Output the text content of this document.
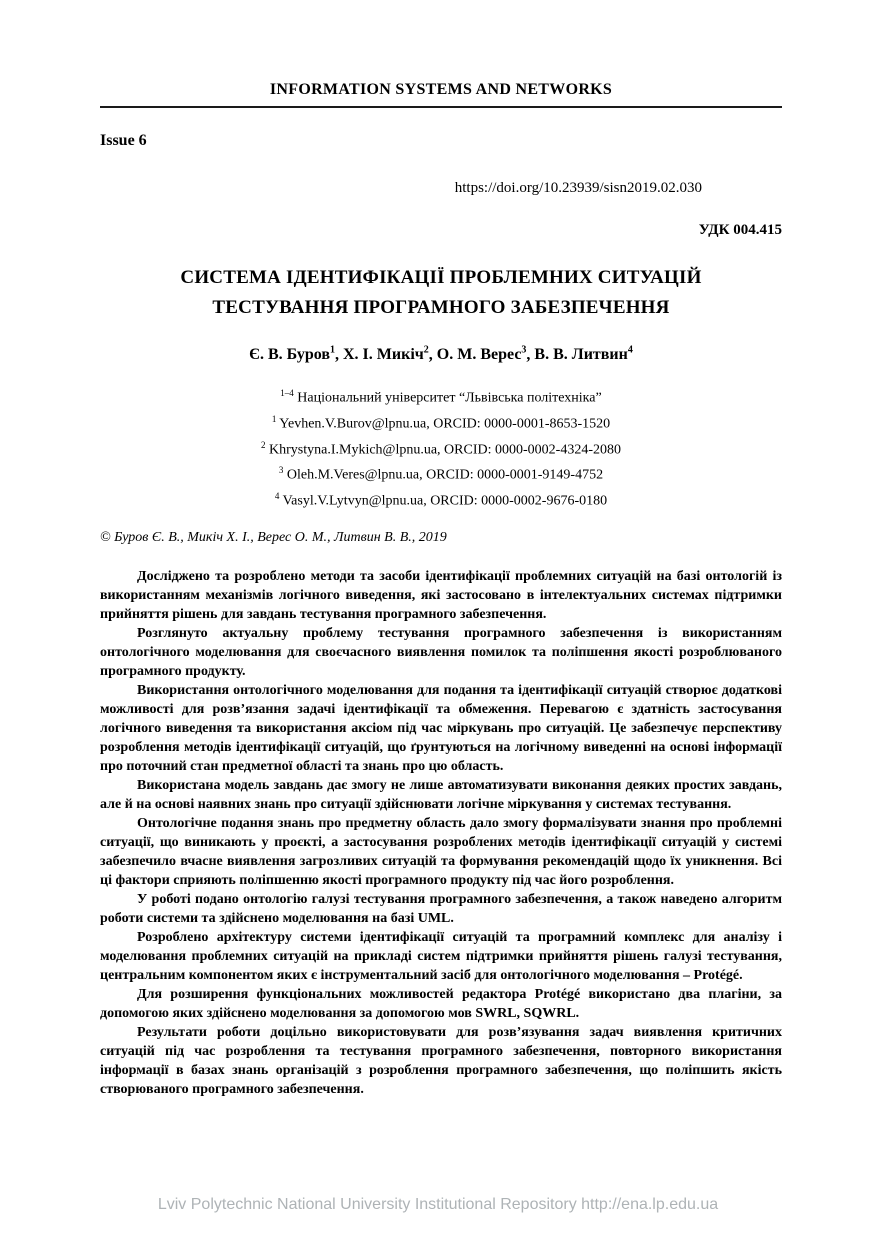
INFORMATION SYSTEMS AND NETWORKS
Issue 6
https://doi.org/10.23939/sisn2019.02.030
УДК 004.415
СИСТЕМА ІДЕНТИФІКАЦІЇ ПРОБЛЕМНИХ СИТУАЦІЙ
ТЕСТУВАННЯ ПРОГРАМНОГО ЗАБЕЗПЕЧЕННЯ
Є. В. Буров$^1$, Х. І. Микіч$^2$, О. М. Верес$^3$, В. В. Литвин$^4$
$^{1-4}$ Національний університет “Львівська політехніка”
$^1$ Yevhen.V.Burov@lpnu.ua, ORCID: 0000-0001-8653-1520
$^2$ Khrystyna.I.Mykich@lpnu.ua, ORCID: 0000-0002-4324-2080
$^3$ Oleh.M.Veres@lpnu.ua, ORCID: 0000-0001-9149-4752
$^4$ Vasyl.V.Lytvyn@lpnu.ua, ORCID: 0000-0002-9676-0180
© Буров Є. В., Микіч Х. І., Верес О. М., Литвин В. В., 2019

Досліджено та розроблено методи та засоби ідентифікації проблемних ситуацій на базі онтологій із використанням механізмів логічного виведення, які застосовано в інтелектуальних системах підтримки прийняття рішень для завдань тестування програмного забезпечення.

Розглянуто актуальну проблему тестування програмного забезпечення із використанням онтологічного моделювання для своєчасного виявлення помилок та поліпшення якості розроблюваного програмного продукту.

Використання онтологічного моделювання для подання та ідентифікації ситуацій створює додаткові можливості для розв’язання задачі ідентифікації та обмеження. Перевагою є здатність застосування логічного виведення та використання аксіом під час міркувань про ситуацій. Це забезпечує перспективу розроблення методів ідентифікації ситуацій, що ґрунтуються на логічному виведенні на основі інформації про поточний стан предметної області та знань про цю область.

Використана модель завдань дає змогу не лише автоматизувати виконання деяких простих завдань, але й на основі наявних знань про ситуації здійснювати логічне міркування у системах тестування.

Онтологічне подання знань про предметну область дало змогу формалізувати знання про проблемні ситуації, що виникають у проєкті, а застосування розроблених методів ідентифікації ситуацій у системі забезпечило вчасне виявлення загрозливих ситуацій та формування рекомендацій щодо їх уникнення. Всі ці фактори сприяють поліпшенню якості програмного продукту під час його розроблення.

У роботі подано онтологію галузі тестування програмного забезпечення, а також наведено алгоритм роботи системи та здійснено моделювання на базі UML.

Розроблено архітектуру системи ідентифікації ситуацій та програмний комплекс для аналізу і моделювання проблемних ситуацій на прикладі систем підтримки прийняття рішень галузі тестування, центральним компонентом яких є інструментальний засіб для онтологічного моделювання – Protégé.

Для розширення функціональних можливостей редактора Protégé використано два плагіни, за допомогою яких здійснено моделювання за допомогою мов SWRL, SQWRL.

Результати роботи доцільно використовувати для розв’язування задач виявлення критичних ситуацій під час розроблення та тестування програмного забезпечення, повторного використання інформації в базах знань організацій з розроблення програмного забезпечення, що поліпшить якість створюваного програмного забезпечення.

Lviv Polytechnic National University Institutional Repository http://ena.lp.edu.ua
